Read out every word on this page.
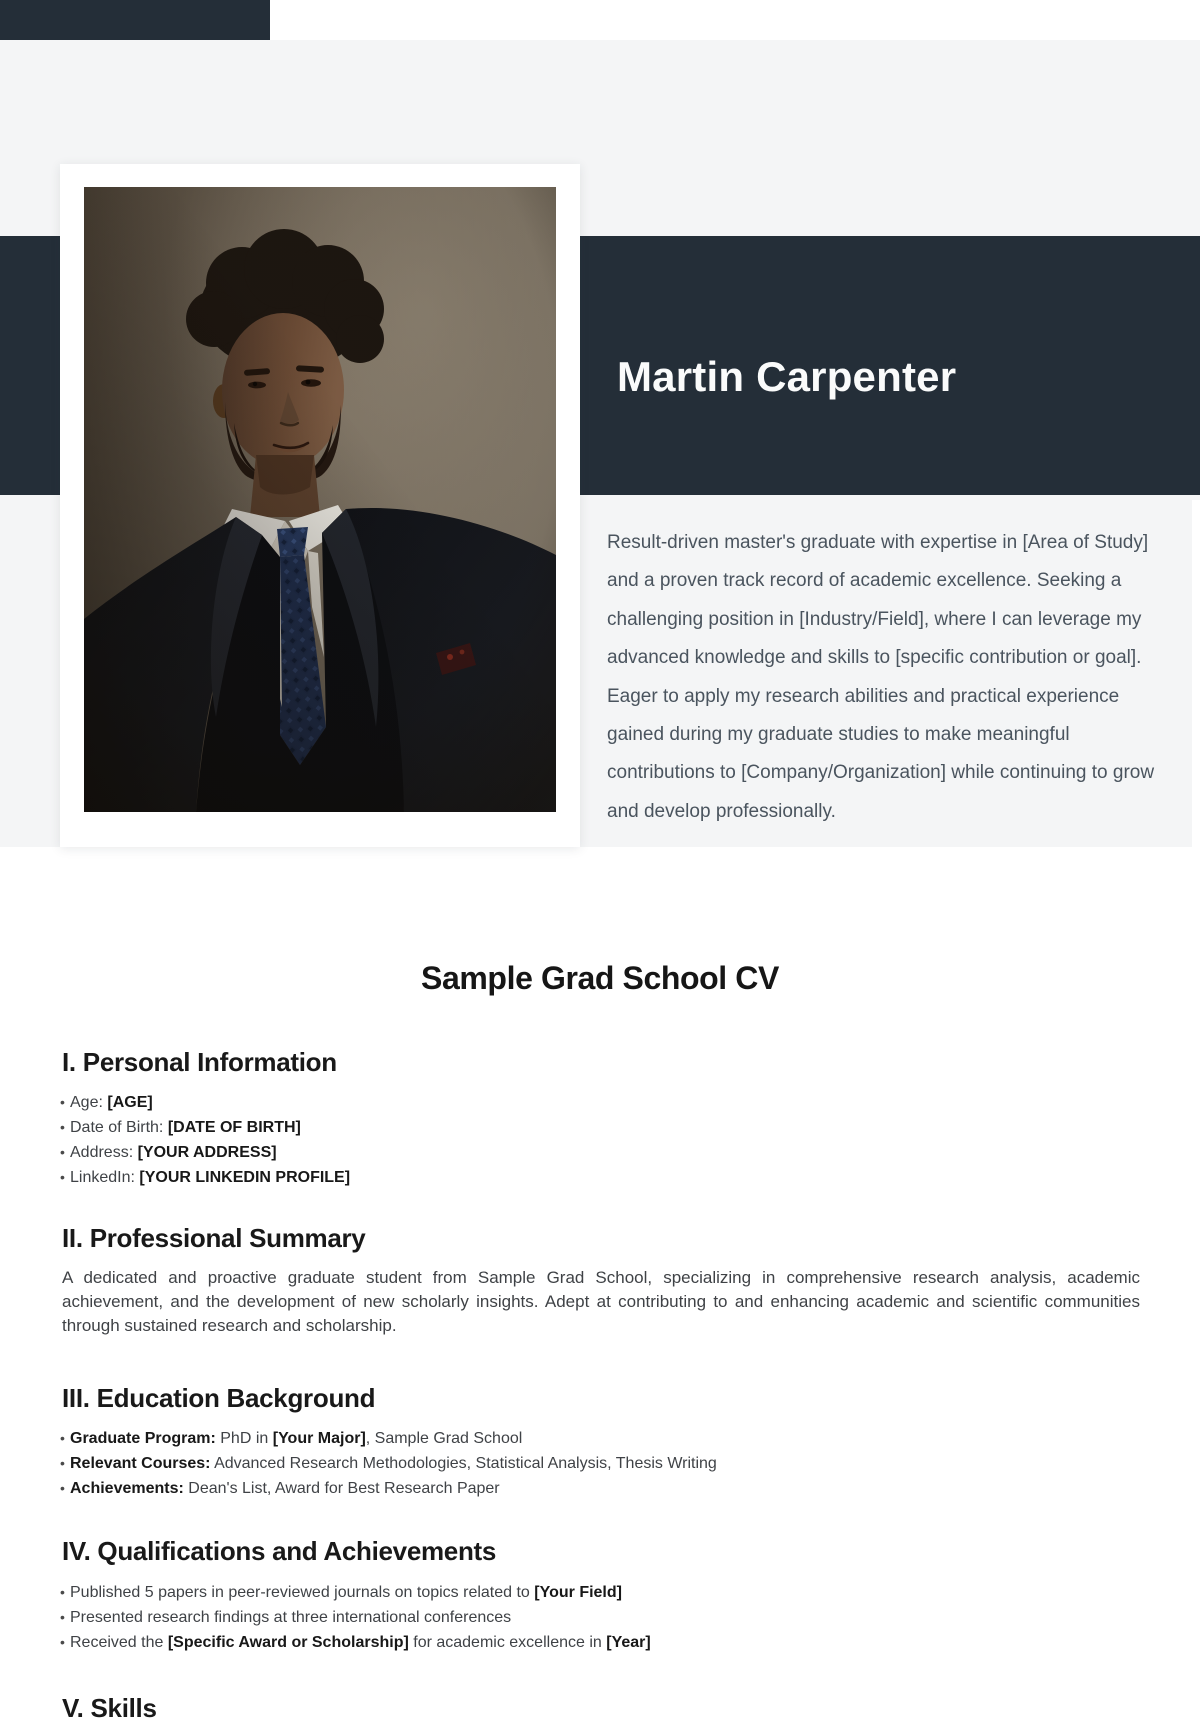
Martin Carpenter
Result-driven master's graduate with expertise in [Area of Study] and a proven track record of academic excellence. Seeking a challenging position in [Industry/Field], where I can leverage my advanced knowledge and skills to [specific contribution or goal]. Eager to apply my research abilities and practical experience gained during my graduate studies to make meaningful contributions to [Company/Organization] while continuing to grow and develop professionally.
Sample Grad School CV
I. Personal Information
• Age: [AGE]
• Date of Birth: [DATE OF BIRTH]
• Address: [YOUR ADDRESS]
• LinkedIn: [YOUR LINKEDIN PROFILE]
II. Professional Summary
A dedicated and proactive graduate student from Sample Grad School, specializing in comprehensive research analysis, academic achievement, and the development of new scholarly insights. Adept at contributing to and enhancing academic and scientific communities through sustained research and scholarship.
III. Education Background
• Graduate Program: PhD in [Your Major], Sample Grad School
• Relevant Courses: Advanced Research Methodologies, Statistical Analysis, Thesis Writing
• Achievements: Dean's List, Award for Best Research Paper
IV. Qualifications and Achievements
• Published 5 papers in peer-reviewed journals on topics related to [Your Field]
• Presented research findings at three international conferences
• Received the [Specific Award or Scholarship] for academic excellence in [Year]
V. Skills
